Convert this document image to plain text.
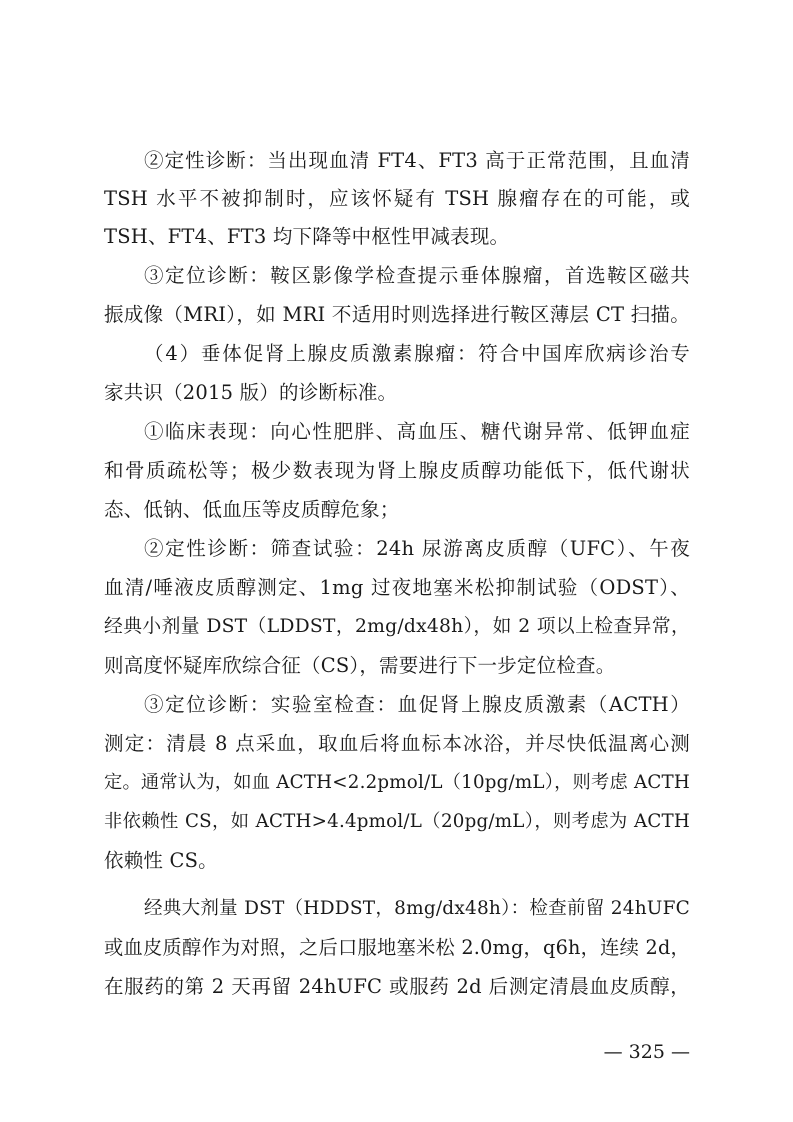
②定性诊断：当出现血清 FT4、FT3 高于正常范围，且血清
TSH 水平不被抑制时，应该怀疑有 TSH 腺瘤存在的可能，或
TSH、FT4、FT3 均下降等中枢性甲减表现。
③定位诊断：鞍区影像学检查提示垂体腺瘤，首选鞍区磁共
振成像（MRI），如 MRI 不适用时则选择进行鞍区薄层 CT 扫描。
（4）垂体促肾上腺皮质激素腺瘤：符合中国库欣病诊治专
家共识（2015 版）的诊断标准。
①临床表现：向心性肥胖、高血压、糖代谢异常、低钾血症
和骨质疏松等；极少数表现为肾上腺皮质醇功能低下，低代谢状
态、低钠、低血压等皮质醇危象；
②定性诊断：筛查试验：24h 尿游离皮质醇（UFC）、午夜
血清/唾液皮质醇测定、1mg 过夜地塞米松抑制试验（ODST）、
经典小剂量 DST（LDDST，2mg/dx48h），如 2 项以上检查异常，
则高度怀疑库欣综合征（CS），需要进行下一步定位检查。
③定位诊断：实验室检查：血促肾上腺皮质激素（ACTH）
测定：清晨 8 点采血，取血后将血标本冰浴，并尽快低温离心测
定。通常认为，如血 ACTH<2.2pmol/L（10pg/mL），则考虑 ACTH
非依赖性 CS，如 ACTH>4.4pmol/L（20pg/mL），则考虑为 ACTH
依赖性 CS。
经典大剂量 DST（HDDST，8mg/dx48h）：检查前留 24hUFC
或血皮质醇作为对照，之后口服地塞米松 2.0mg，q6h，连续 2d，
在服药的第 2 天再留 24hUFC 或服药 2d 后测定清晨血皮质醇，
— 325 —
